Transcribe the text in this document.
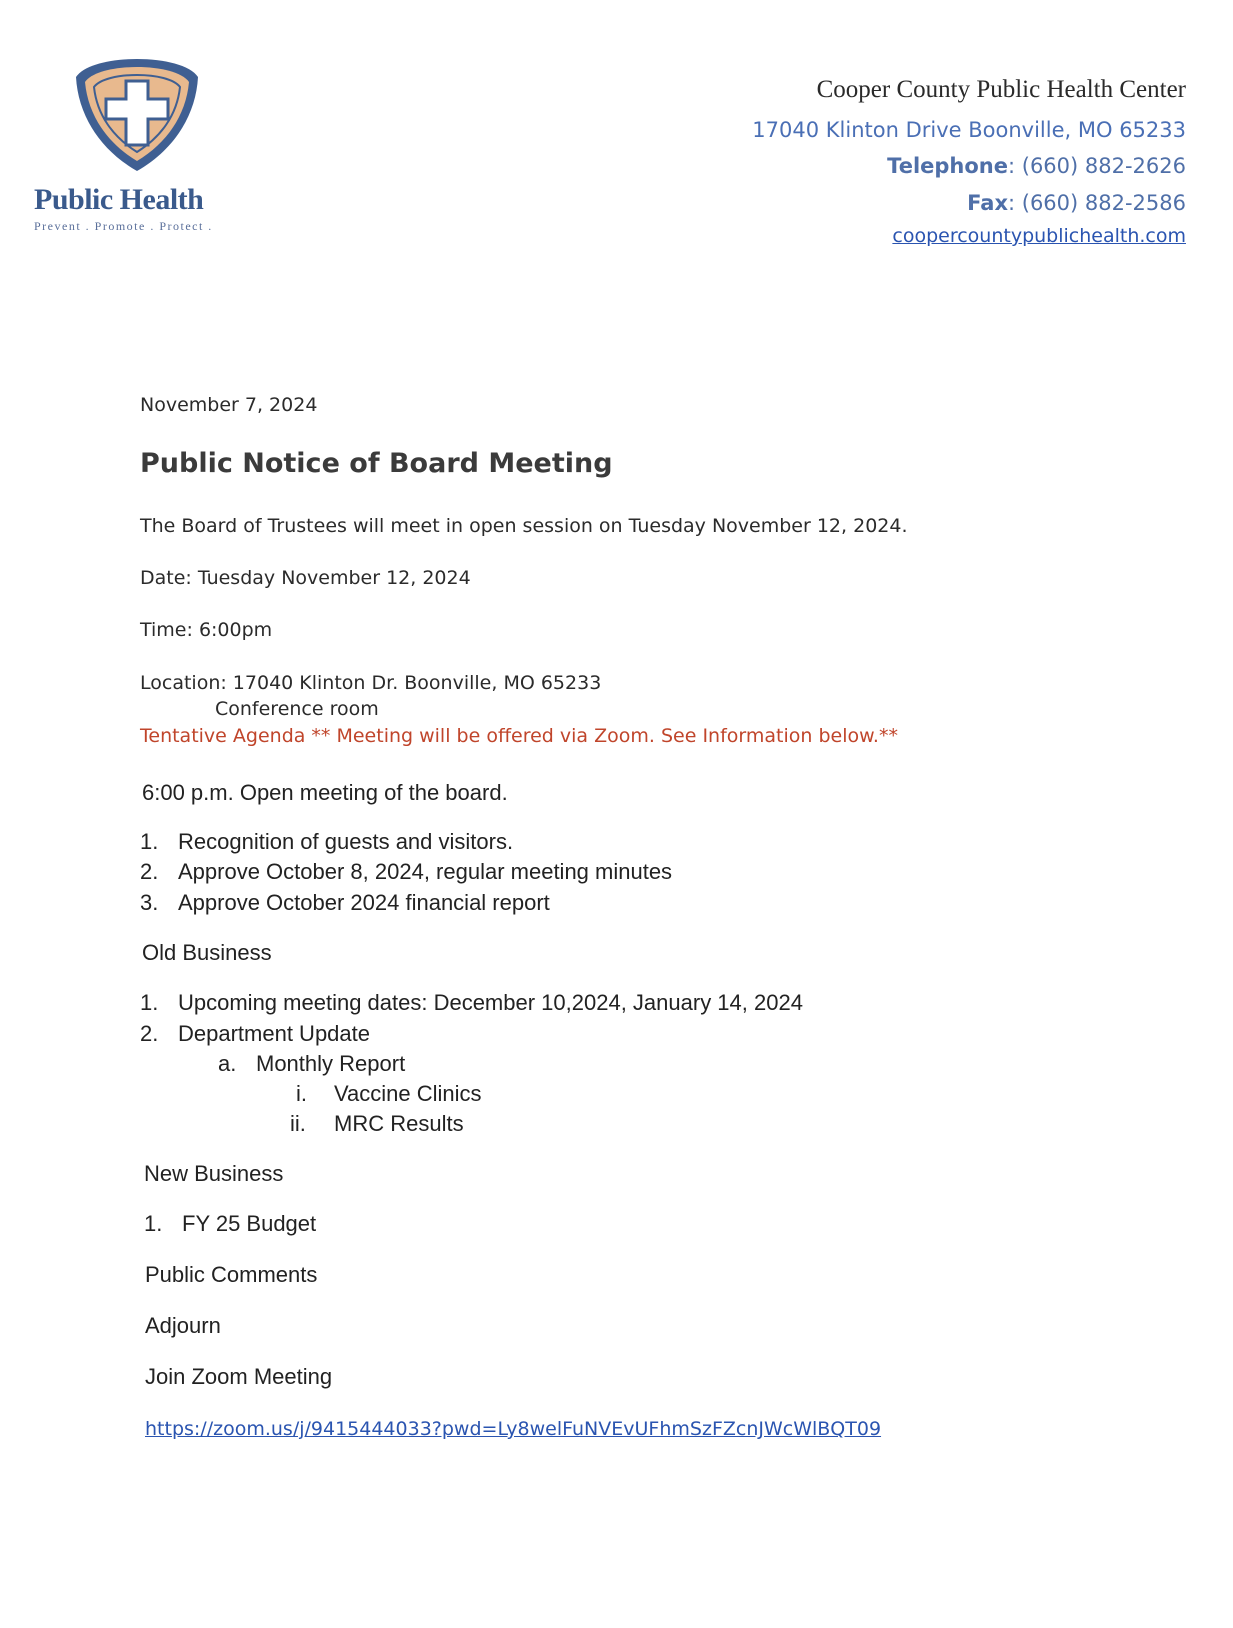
Public Health
Prevent . Promote . Protect .
Cooper County Public Health Center
17040 Klinton Drive Boonville, MO 65233
Telephone: (660) 882-2626
Fax: (660) 882-2586
coopercountypublichealth.com
November 7, 2024
Public Notice of Board Meeting
The Board of Trustees will meet in open session on Tuesday November 12, 2024.
Date: Tuesday November 12, 2024
Time: 6:00pm
Location: 17040 Klinton Dr. Boonville, MO 65233
Conference room
Tentative Agenda ** Meeting will be offered via Zoom. See Information below.**
6:00 p.m. Open meeting of the board.
1. Recognition of guests and visitors.
2. Approve October 8, 2024, regular meeting minutes
3. Approve October 2024 financial report
Old Business
1. Upcoming meeting dates: December 10,2024, January 14, 2024
2. Department Update
a. Monthly Report
i. Vaccine Clinics
ii. MRC Results
New Business
1. FY 25 Budget
Public Comments
Adjourn
Join Zoom Meeting
https://zoom.us/j/9415444033?pwd=Ly8welFuNVEvUFhmSzFZcnJWcWlBQT09
